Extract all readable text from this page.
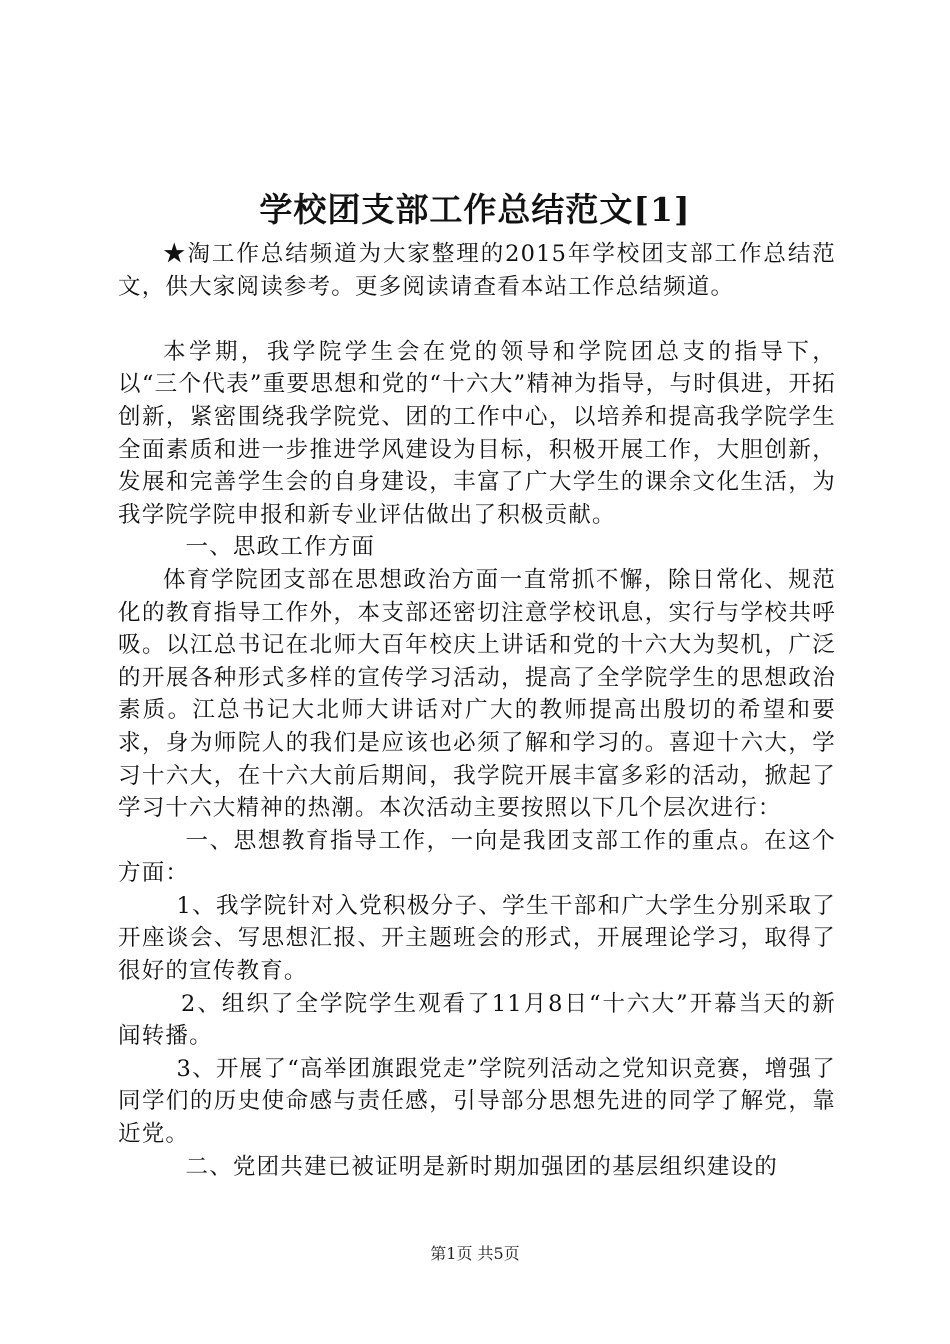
学校团支部工作总结范文[1]

★淘工作总结频道为大家整理的2015年学校团支部工作总结范文，供大家阅读参考。更多阅读请查看本站工作总结频道。

本学期，我学院学生会在党的领导和学院团总支的指导下，以“三个代表”重要思想和党的“十六大”精神为指导，与时俱进，开拓创新，紧密围绕我学院党、团的工作中心，以培养和提高我学院学生全面素质和进一步推进学风建设为目标，积极开展工作，大胆创新，发展和完善学生会的自身建设，丰富了广大学生的课余文化生活，为我学院学院申报和新专业评估做出了积极贡献。

一、思政工作方面

体育学院团支部在思想政治方面一直常抓不懈，除日常化、规范化的教育指导工作外，本支部还密切注意学校讯息，实行与学校共呼吸。以江总书记在北师大百年校庆上讲话和党的十六大为契机，广泛的开展各种形式多样的宣传学习活动，提高了全学院学生的思想政治素质。江总书记大北师大讲话对广大的教师提高出殷切的希望和要求，身为师院人的我们是应该也必须了解和学习的。喜迎十六大，学习十六大，在十六大前后期间，我学院开展丰富多彩的活动，掀起了学习十六大精神的热潮。本次活动主要按照以下几个层次进行：

一、思想教育指导工作，一向是我团支部工作的重点。在这个方面：

1、我学院针对入党积极分子、学生干部和广大学生分别采取了开座谈会、写思想汇报、开主题班会的形式，开展理论学习，取得了很好的宣传教育。

2、组织了全学院学生观看了11月8日“十六大”开幕当天的新闻转播。

3、开展了“高举团旗跟党走”学院列活动之党知识竞赛，增强了同学们的历史使命感与责任感，引导部分思想先进的同学了解党，靠近党。

二、党团共建已被证明是新时期加强团的基层组织建设的

第1页 共5页
